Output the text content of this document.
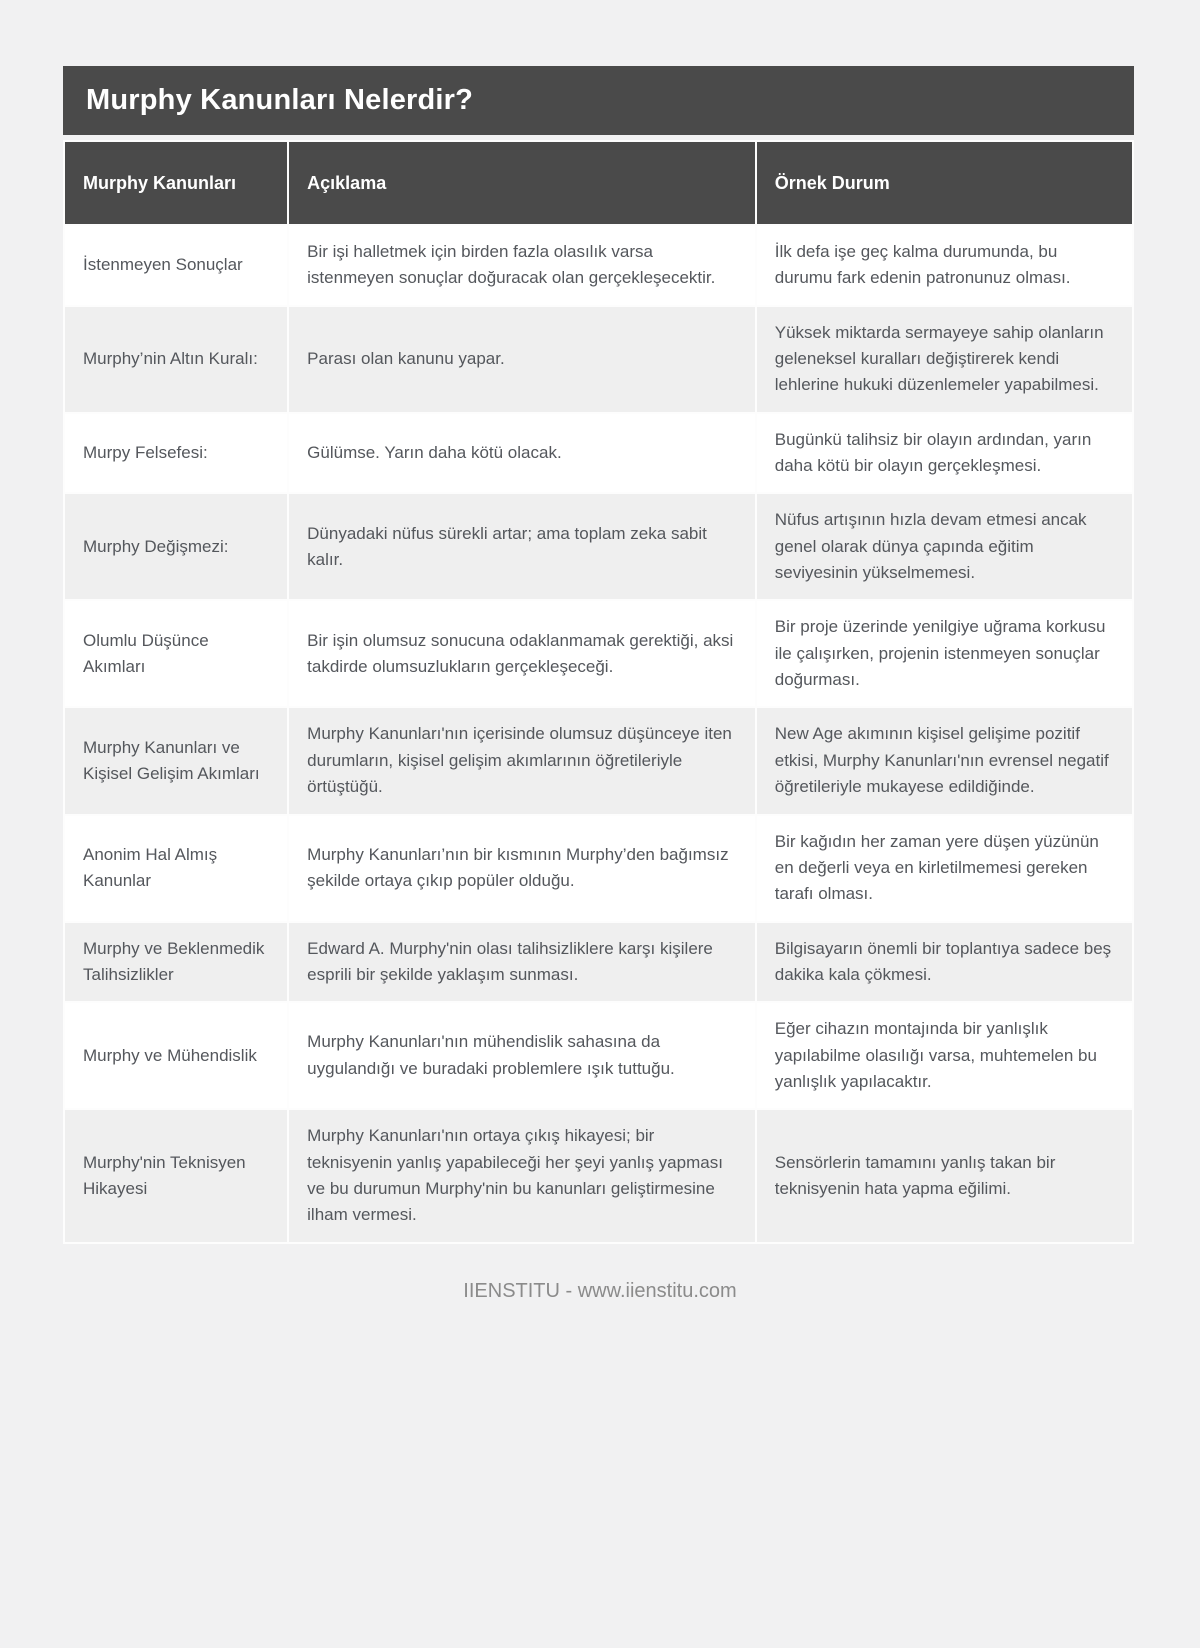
Murphy Kanunları Nelerdir?
Murphy Kanunları	Açıklama	Örnek Durum
İstenmeyen Sonuçlar	Bir işi halletmek için birden fazla olasılık varsa istenmeyen sonuçlar doğuracak olan gerçekleşecektir.	İlk defa işe geç kalma durumunda, bu durumu fark edenin patronunuz olması.
Murphy’nin Altın Kuralı:	Parası olan kanunu yapar.	Yüksek miktarda sermayeye sahip olanların geleneksel kuralları değiştirerek kendi lehlerine hukuki düzenlemeler yapabilmesi.
Murpy Felsefesi:	Gülümse. Yarın daha kötü olacak.	Bugünkü talihsiz bir olayın ardından, yarın daha kötü bir olayın gerçekleşmesi.
Murphy Değişmezi:	Dünyadaki nüfus sürekli artar; ama toplam zeka sabit kalır.	Nüfus artışının hızla devam etmesi ancak genel olarak dünya çapında eğitim seviyesinin yükselmemesi.
Olumlu Düşünce Akımları	Bir işin olumsuz sonucuna odaklanmamak gerektiği, aksi takdirde olumsuzlukların gerçekleşeceği.	Bir proje üzerinde yenilgiye uğrama korkusu ile çalışırken, projenin istenmeyen sonuçlar doğurması.
Murphy Kanunları ve Kişisel Gelişim Akımları	Murphy Kanunları'nın içerisinde olumsuz düşünceye iten durumların, kişisel gelişim akımlarının öğretileriyle örtüştüğü.	New Age akımının kişisel gelişime pozitif etkisi, Murphy Kanunları'nın evrensel negatif öğretileriyle mukayese edildiğinde.
Anonim Hal Almış Kanunlar	Murphy Kanunları’nın bir kısmının Murphy’den bağımsız şekilde ortaya çıkıp popüler olduğu.	Bir kağıdın her zaman yere düşen yüzünün en değerli veya en kirletilmemesi gereken tarafı olması.
Murphy ve Beklenmedik Talihsizlikler	Edward A. Murphy'nin olası talihsizliklere karşı kişilere esprili bir şekilde yaklaşım sunması.	Bilgisayarın önemli bir toplantıya sadece beş dakika kala çökmesi.
Murphy ve Mühendislik	Murphy Kanunları'nın mühendislik sahasına da uygulandığı ve buradaki problemlere ışık tuttuğu.	Eğer cihazın montajında bir yanlışlık yapılabilme olasılığı varsa, muhtemelen bu yanlışlık yapılacaktır.
Murphy'nin Teknisyen Hikayesi	Murphy Kanunları'nın ortaya çıkış hikayesi; bir teknisyenin yanlış yapabileceği her şeyi yanlış yapması ve bu durumun Murphy'nin bu kanunları geliştirmesine ilham vermesi.	Sensörlerin tamamını yanlış takan bir teknisyenin hata yapma eğilimi.
IIENSTITU - www.iienstitu.com
